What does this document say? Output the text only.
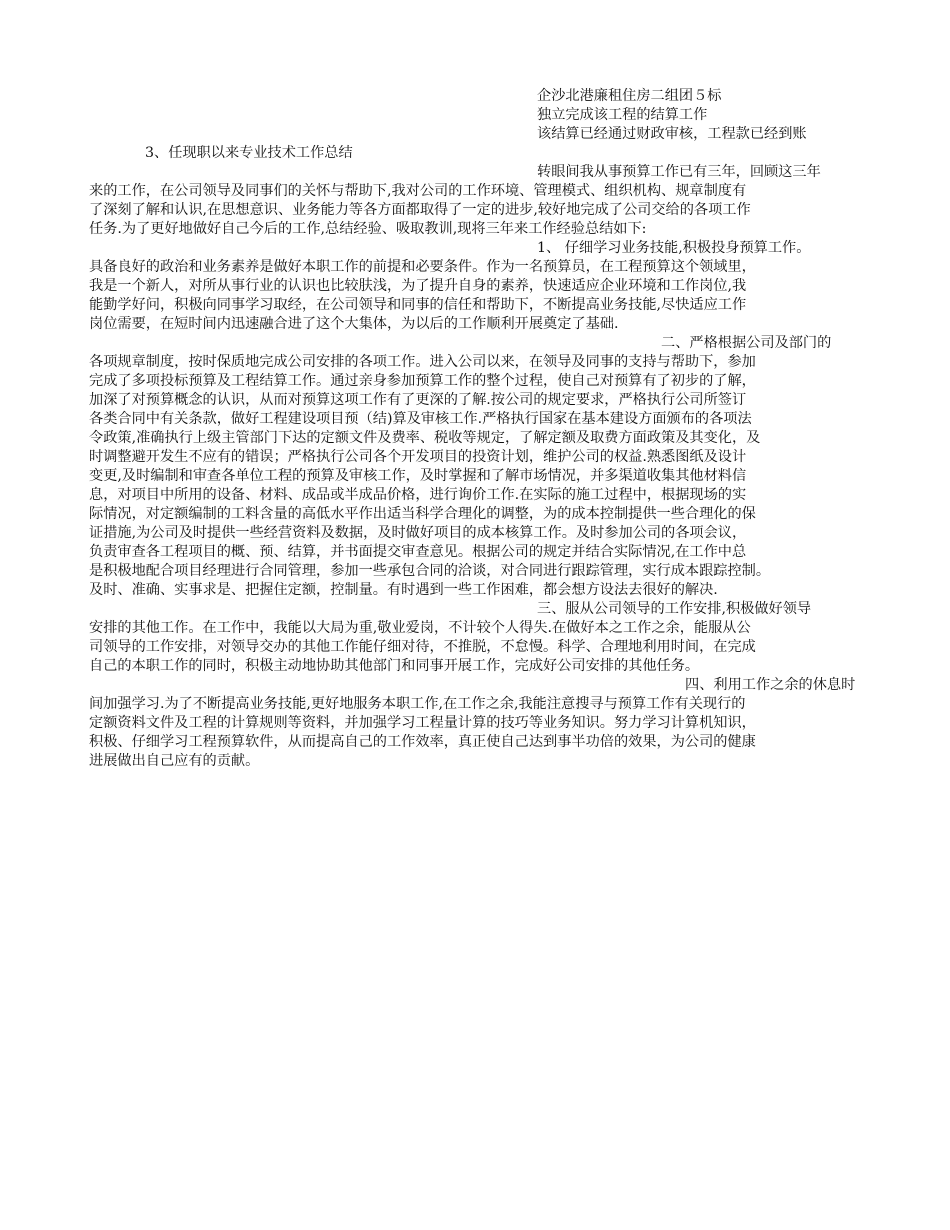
企沙北港廉租住房二组团５标
独立完成该工程的结算工作
该结算已经通过财政审核，工程款已经到账
3、任现职以来专业技术工作总结
转眼间我从事预算工作已有三年，回顾这三年
来的工作，在公司领导及同事们的关怀与帮助下,我对公司的工作环境、管理模式、组织机构、规章制度有
了深刻了解和认识,在思想意识、业务能力等各方面都取得了一定的进步,较好地完成了公司交给的各项工作
任务.为了更好地做好自己今后的工作,总结经验、吸取教训,现将三年来工作经验总结如下:
1、 仔细学习业务技能,积极投身预算工作。
具备良好的政治和业务素养是做好本职工作的前提和必要条件。作为一名预算员，在工程预算这个领域里，
我是一个新人，对所从事行业的认识也比较肤浅，为了提升自身的素养，快速适应企业环境和工作岗位,我
能勤学好问，积极向同事学习取经，在公司领导和同事的信任和帮助下，不断提高业务技能,尽快适应工作
岗位需要，在短时间内迅速融合进了这个大集体，为以后的工作顺利开展奠定了基础.
二、严格根据公司及部门的
各项规章制度，按时保质地完成公司安排的各项工作。进入公司以来，在领导及同事的支持与帮助下，参加
完成了多项投标预算及工程结算工作。通过亲身参加预算工作的整个过程，使自己对预算有了初步的了解，
加深了对预算概念的认识，从而对预算这项工作有了更深的了解.按公司的规定要求，严格执行公司所签订
各类合同中有关条款，做好工程建设项目预（结)算及审核工作.严格执行国家在基本建设方面颁布的各项法
令政策,准确执行上级主管部门下达的定额文件及费率、税收等规定，了解定额及取费方面政策及其变化，及
时调整避开发生不应有的错误；严格执行公司各个开发项目的投资计划，维护公司的权益.熟悉图纸及设计
变更,及时编制和审查各单位工程的预算及审核工作，及时掌握和了解市场情况，并多渠道收集其他材料信
息，对项目中所用的设备、材料、成品或半成品价格，进行询价工作.在实际的施工过程中，根据现场的实
际情况，对定额编制的工料含量的高低水平作出适当科学合理化的调整，为的成本控制提供一些合理化的保
证措施,为公司及时提供一些经营资料及数据，及时做好项目的成本核算工作。及时参加公司的各项会议，
负责审查各工程项目的概、预、结算，并书面提交审查意见。根据公司的规定并结合实际情况,在工作中总
是积极地配合项目经理进行合同管理，参加一些承包合同的洽谈，对合同进行跟踪管理，实行成本跟踪控制。
及时、准确、实事求是、把握住定额，控制量。有时遇到一些工作困难，都会想方设法去很好的解决.
三、服从公司领导的工作安排,积极做好领导
安排的其他工作。在工作中，我能以大局为重,敬业爱岗，不计较个人得失.在做好本之工作之余，能服从公
司领导的工作安排，对领导交办的其他工作能仔细对待，不推脱，不怠慢。科学、合理地利用时间，在完成
自己的本职工作的同时，积极主动地协助其他部门和同事开展工作，完成好公司安排的其他任务。
四、利用工作之余的休息时
间加强学习.为了不断提高业务技能,更好地服务本职工作,在工作之余,我能注意搜寻与预算工作有关现行的
定额资料文件及工程的计算规则等资料，并加强学习工程量计算的技巧等业务知识。努力学习计算机知识，
积极、仔细学习工程预算软件，从而提高自己的工作效率，真正使自己达到事半功倍的效果，为公司的健康
进展做出自己应有的贡献。
